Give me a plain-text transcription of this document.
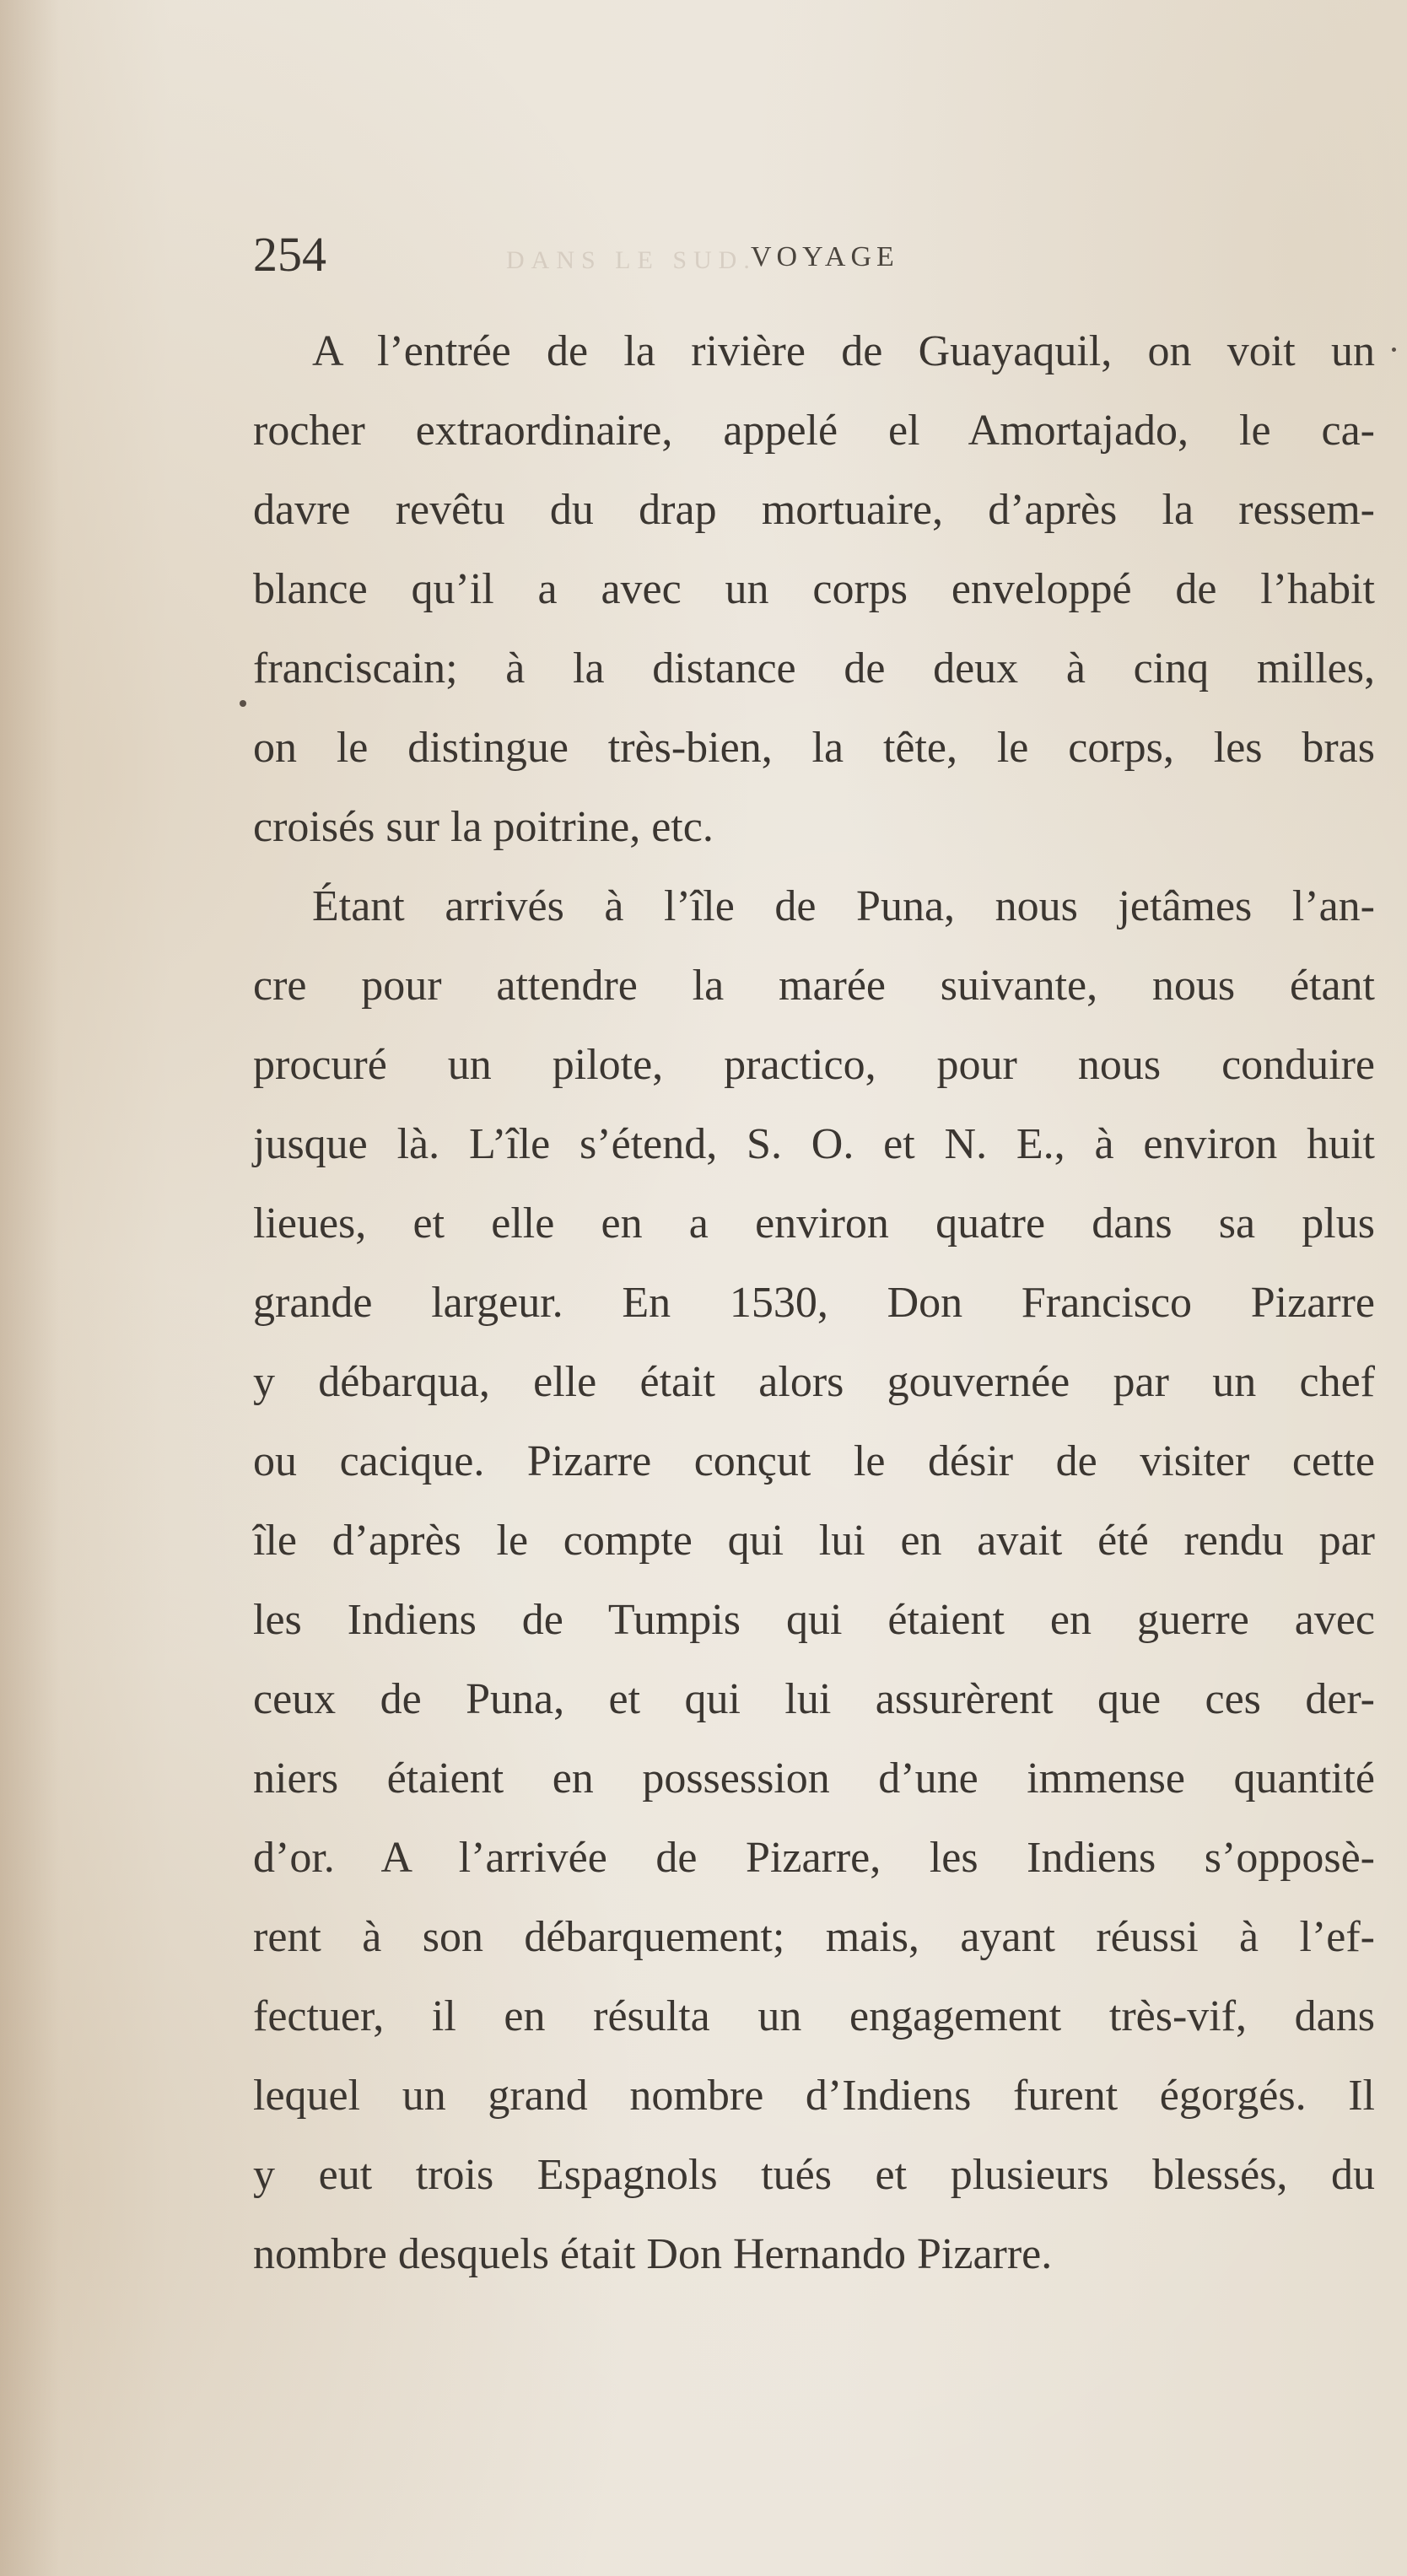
DANS LE SUD.
254	VOYAGE
A l’entrée de la rivière de Guayaquil, on voit un
rocher extraordinaire, appelé el Amortajado, le ca-
davre revêtu du drap mortuaire, d’après la ressem-
blance qu’il a avec un corps enveloppé de l’habit
franciscain; à la distance de deux à cinq milles,
on le distingue très-bien, la tête, le corps, les bras
croisés sur la poitrine, etc.
Étant arrivés à l’île de Puna, nous jetâmes l’an-
cre pour attendre la marée suivante, nous étant
procuré un pilote, practico, pour nous conduire
jusque là. L’île s’étend, S. O. et N. E., à environ huit
lieues, et elle en a environ quatre dans sa plus
grande largeur. En 1530, Don Francisco Pizarre
y débarqua, elle était alors gouvernée par un chef
ou cacique. Pizarre conçut le désir de visiter cette
île d’après le compte qui lui en avait été rendu par
les Indiens de Tumpis qui étaient en guerre avec
ceux de Puna, et qui lui assurèrent que ces der-
niers étaient en possession d’une immense quantité
d’or. A l’arrivée de Pizarre, les Indiens s’opposè-
rent à son débarquement; mais, ayant réussi à l’ef-
fectuer, il en résulta un engagement très-vif, dans
lequel un grand nombre d’Indiens furent égorgés. Il
y eut trois Espagnols tués et plusieurs blessés, du
nombre desquels était Don Hernando Pizarre.
